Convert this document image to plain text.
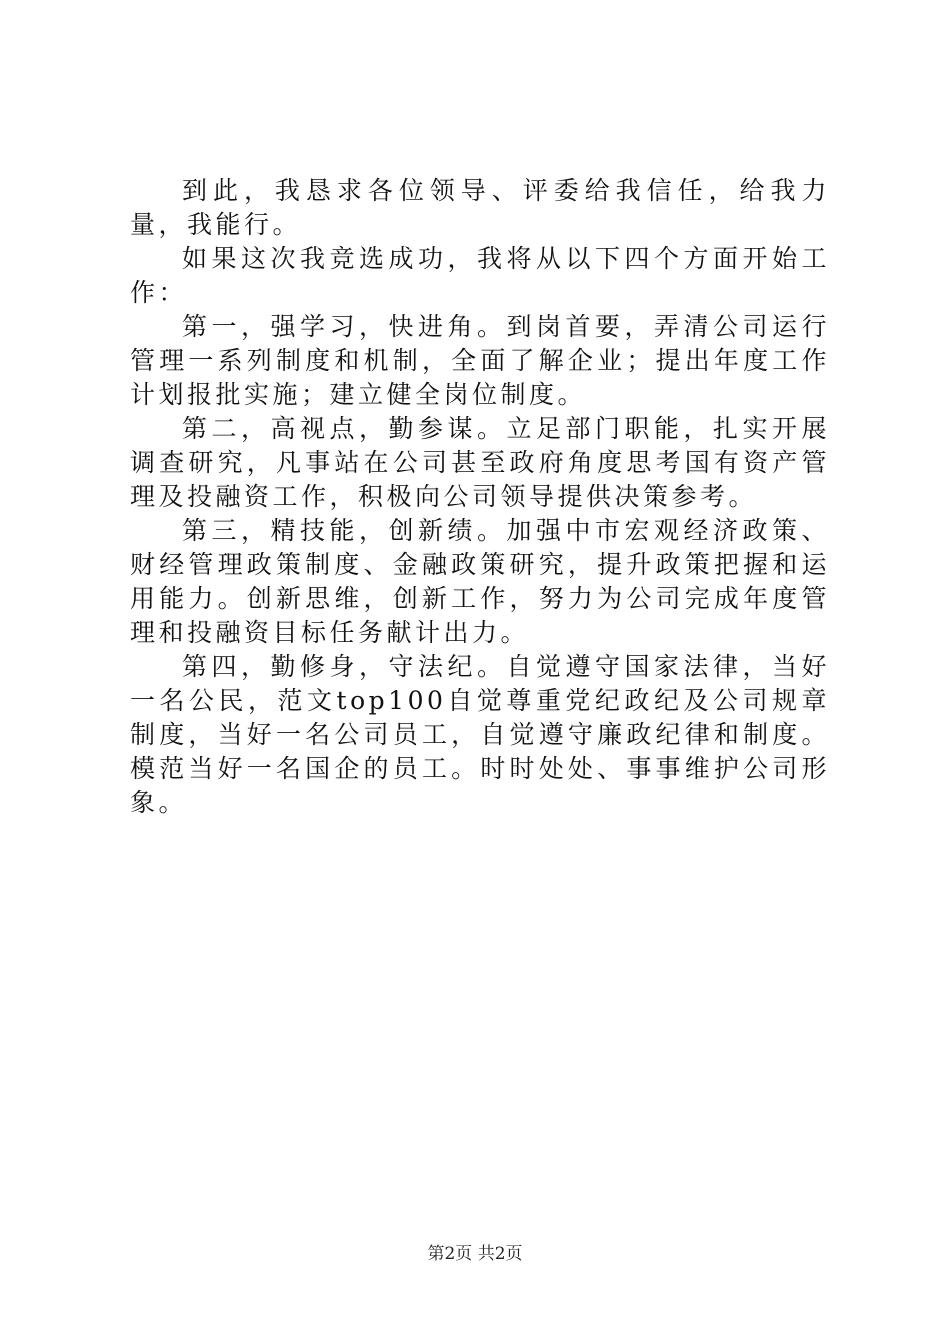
到此，我恳求各位领导、评委给我信任，给我力量，我能行。

如果这次我竞选成功，我将从以下四个方面开始工作：

第一，强学习，快进角。到岗首要，弄清公司运行管理一系列制度和机制，全面了解企业；提出年度工作计划报批实施；建立健全岗位制度。

第二，高视点，勤参谋。立足部门职能，扎实开展调查研究，凡事站在公司甚至政府角度思考国有资产管理及投融资工作，积极向公司领导提供决策参考。

第三，精技能，创新绩。加强中市宏观经济政策、财经管理政策制度、金融政策研究，提升政策把握和运用能力。创新思维，创新工作，努力为公司完成年度管理和投融资目标任务献计出力。

第四，勤修身，守法纪。自觉遵守国家法律，当好一名公民，范文top100自觉尊重党纪政纪及公司规章制度，当好一名公司员工，自觉遵守廉政纪律和制度。模范当好一名国企的员工。时时处处、事事维护公司形象。

第2页 共2页
